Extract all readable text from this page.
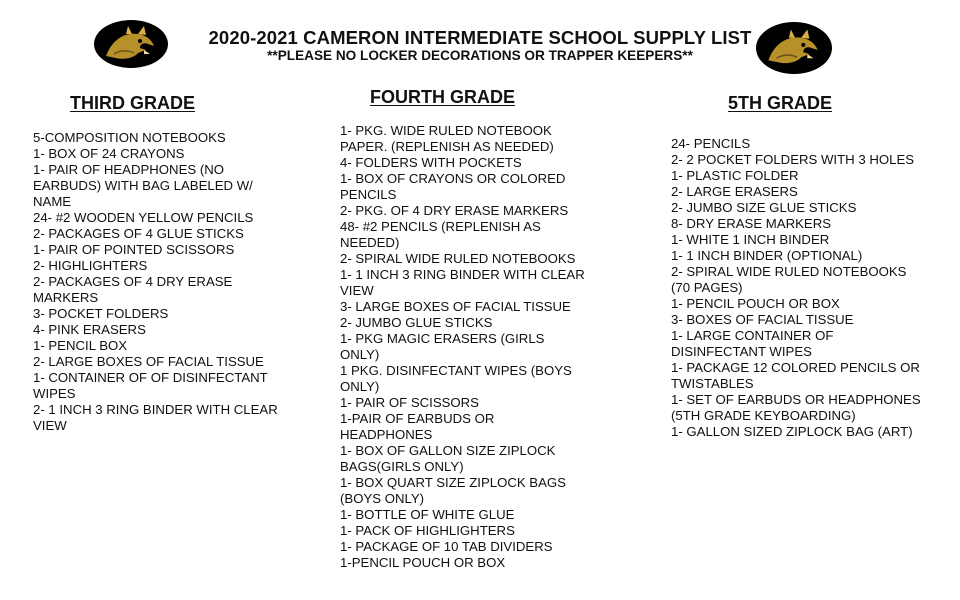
2020-2021 CAMERON INTERMEDIATE SCHOOL SUPPLY LIST
**PLEASE NO LOCKER DECORATIONS OR TRAPPER KEEPERS**
THIRD GRADE	FOURTH GRADE	5TH GRADE
5-COMPOSITION NOTEBOOKS
1- BOX OF 24 CRAYONS
1- PAIR OF HEADPHONES (NO EARBUDS) WITH BAG LABELED W/ NAME
24- #2 WOODEN YELLOW PENCILS
2- PACKAGES OF 4 GLUE STICKS
1- PAIR OF POINTED SCISSORS
2- HIGHLIGHTERS
2- PACKAGES OF 4 DRY ERASE MARKERS
3- POCKET FOLDERS
4- PINK ERASERS
1- PENCIL BOX
2- LARGE BOXES OF FACIAL TISSUE
1- CONTAINER OF OF DISINFECTANT WIPES
2- 1 INCH 3 RING BINDER WITH CLEAR VIEW
1- PKG. WIDE RULED NOTEBOOK PAPER. (REPLENISH AS NEEDED)
4- FOLDERS WITH POCKETS
1- BOX OF CRAYONS OR COLORED PENCILS
2- PKG. OF 4 DRY ERASE MARKERS
48- #2 PENCILS (REPLENISH AS NEEDED)
2- SPIRAL WIDE RULED NOTEBOOKS
1- 1 INCH 3 RING BINDER WITH CLEAR VIEW
3- LARGE BOXES OF FACIAL TISSUE
2- JUMBO GLUE STICKS
1- PKG MAGIC ERASERS (GIRLS ONLY)
1 PKG. DISINFECTANT WIPES (BOYS ONLY)
1- PAIR OF SCISSORS
1-PAIR OF EARBUDS OR HEADPHONES
1- BOX OF GALLON SIZE ZIPLOCK BAGS(GIRLS ONLY)
1- BOX QUART SIZE ZIPLOCK BAGS (BOYS ONLY)
1- BOTTLE OF WHITE GLUE
1- PACK OF HIGHLIGHTERS
1- PACKAGE OF 10 TAB DIVIDERS
1-PENCIL POUCH OR BOX
24- PENCILS
2- 2 POCKET FOLDERS WITH 3 HOLES
1- PLASTIC FOLDER
2- LARGE ERASERS
2- JUMBO SIZE GLUE STICKS
8- DRY ERASE MARKERS
1- WHITE 1 INCH BINDER
1- 1 INCH BINDER (OPTIONAL)
2- SPIRAL WIDE RULED NOTEBOOKS (70 PAGES)
1- PENCIL POUCH OR BOX
3- BOXES OF FACIAL TISSUE
1- LARGE CONTAINER OF DISINFECTANT WIPES
1- PACKAGE 12 COLORED PENCILS OR TWISTABLES
1- SET OF EARBUDS OR HEADPHONES (5TH GRADE KEYBOARDING)
1- GALLON SIZED ZIPLOCK BAG (ART)
